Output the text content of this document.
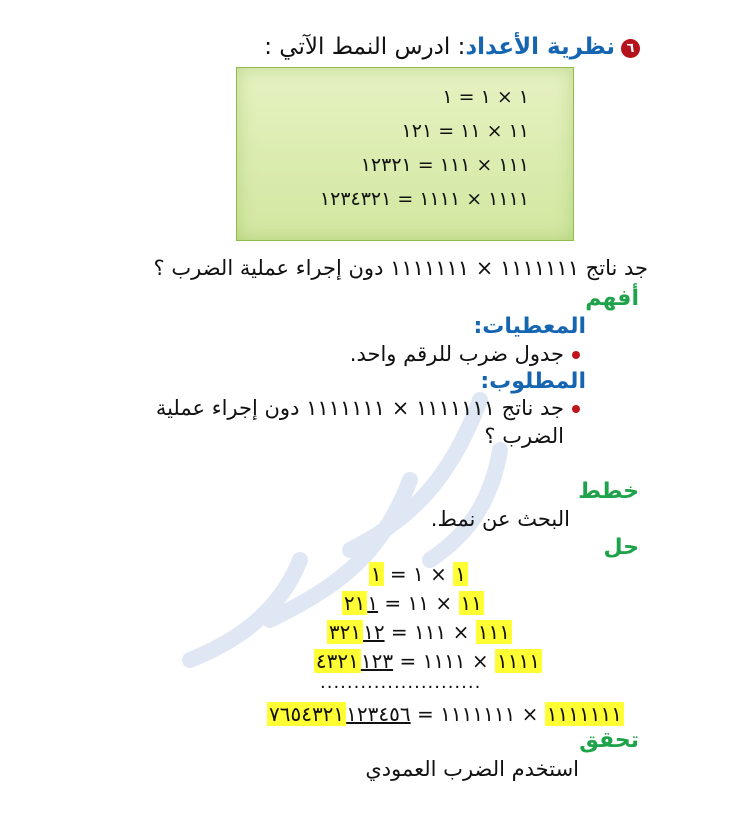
٦نظرية الأعداد: ادرس النمط الآتي :
١ × ١ = ١
١١ × ١١ = ١٢١
١١١ × ١١١ = ١٢٣٢١
١١١١ × ١١١١ = ١٢٣٤٣٢١
جد ناتج ١١١١١١١ × ١١١١١١١ دون إجراء عملية الضرب ؟
أفهم
المعطيات:
جدول ضرب للرقم واحد.
المطلوب:
جد ناتج ١١١١١١١ × ١١١١١١١ دون إجراء عملية
الضرب ؟
خطط
البحث عن نمط.
حل
١ × ١ = ١
١١ × ١١ = ٢١ ١
١١١ × ١١١ = ٣٢١ ١٢
١١١١ × ١١١١ = ٤٣٢١ ١٢٣
........................
١١١١١١١ × ١١١١١١١ = ٧٦٥٤٣٢١ ١٢٣٤٥٦
تحقق
استخدم الضرب العمودي
